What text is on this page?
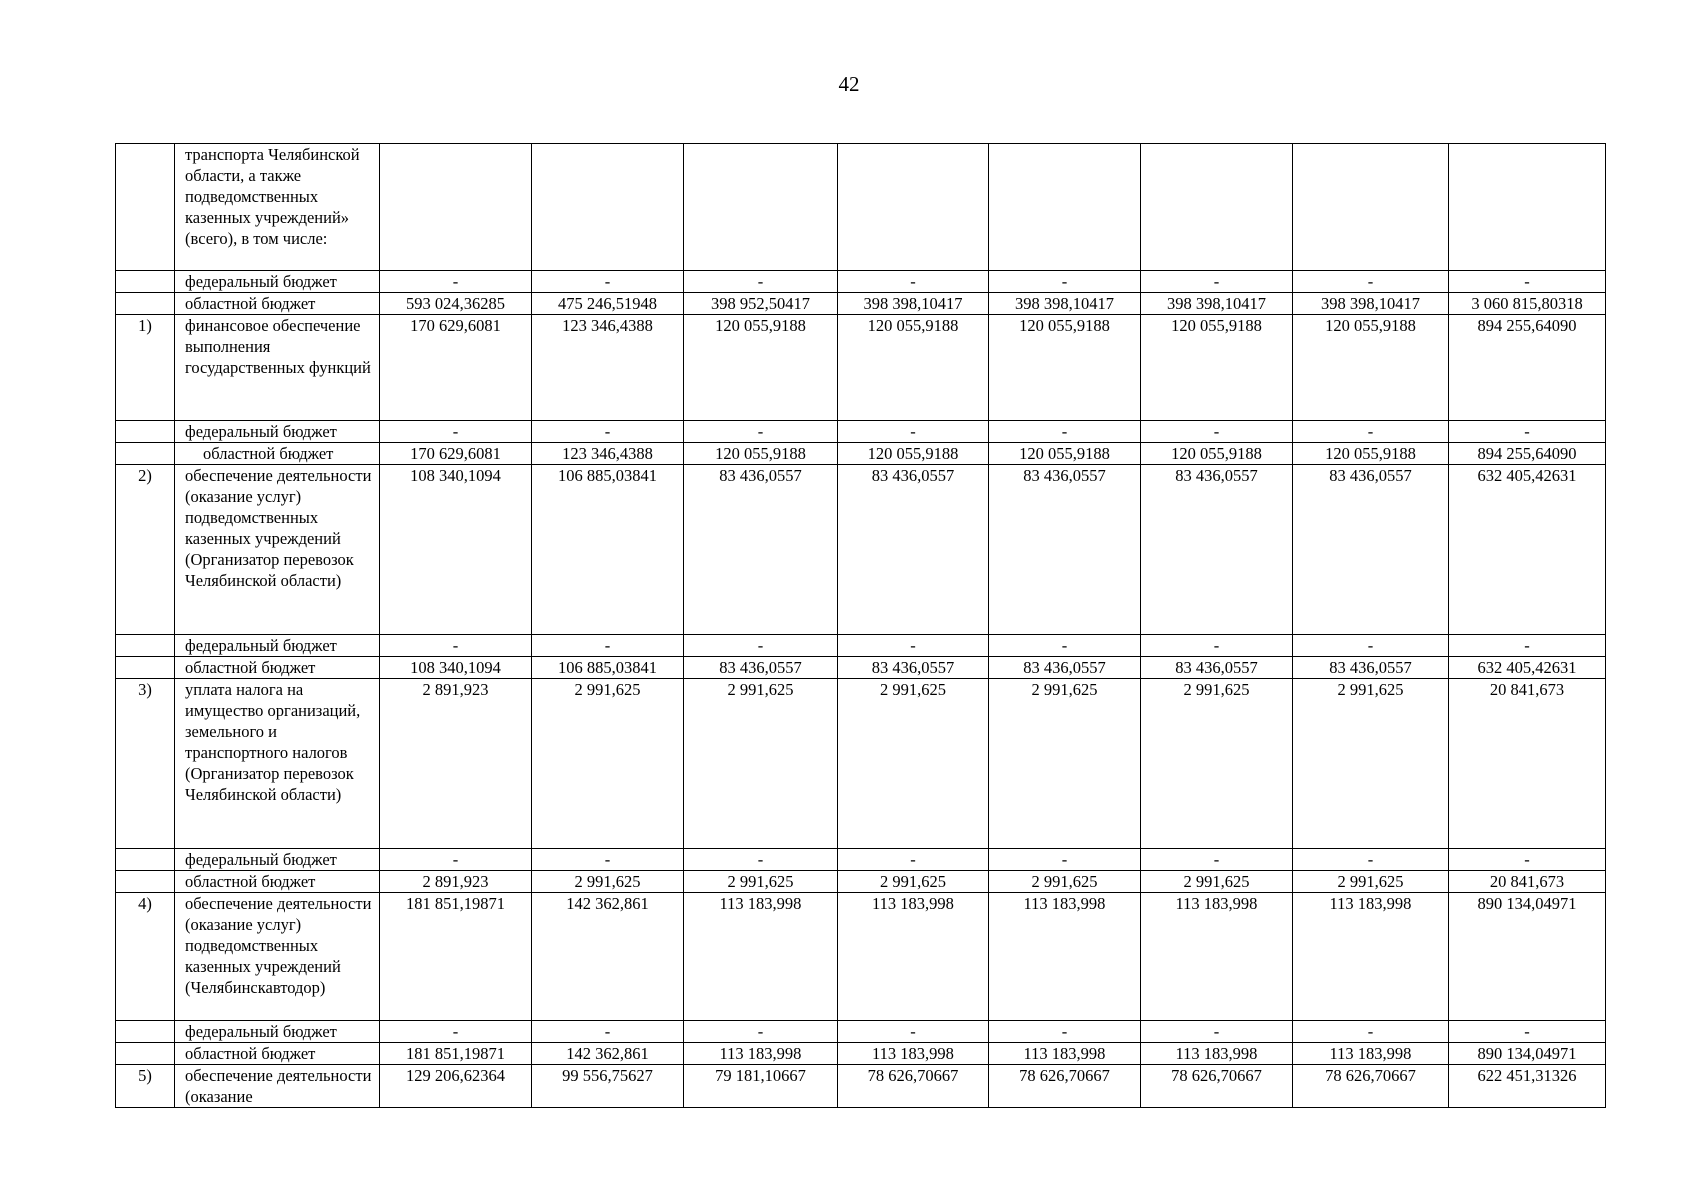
42
	транспорта Челябинской области, а также подведомственных казенных учреждений» (всего), в том числе:								
	федеральный бюджет	-	-	-	-	-	-	-	-
	областной бюджет	593 024,36285	475 246,51948	398 952,50417	398 398,10417	398 398,10417	398 398,10417	398 398,10417	3 060 815,80318
1)	финансовое обеспечение выполнения государственных функций	170 629,6081	123 346,4388	120 055,9188	120 055,9188	120 055,9188	120 055,9188	120 055,9188	894 255,64090
	федеральный бюджет	-	-	-	-	-	-	-	-
	областной бюджет	170 629,6081	123 346,4388	120 055,9188	120 055,9188	120 055,9188	120 055,9188	120 055,9188	894 255,64090
2)	обеспечение деятельности (оказание услуг) подведомственных казенных учреждений (Организатор перевозок Челябинской области)	108 340,1094	106 885,03841	83 436,0557	83 436,0557	83 436,0557	83 436,0557	83 436,0557	632 405,42631
	федеральный бюджет	-	-	-	-	-	-	-	-
	областной бюджет	108 340,1094	106 885,03841	83 436,0557	83 436,0557	83 436,0557	83 436,0557	83 436,0557	632 405,42631
3)	уплата налога на имущество организаций, земельного и транспортного налогов (Организатор перевозок Челябинской области)	2 891,923	2 991,625	2 991,625	2 991,625	2 991,625	2 991,625	2 991,625	20 841,673
	федеральный бюджет	-	-	-	-	-	-	-	-
	областной бюджет	2 891,923	2 991,625	2 991,625	2 991,625	2 991,625	2 991,625	2 991,625	20 841,673
4)	обеспечение деятельности (оказание услуг) подведомственных казенных учреждений (Челябинскавтодор)	181 851,19871	142 362,861	113 183,998	113 183,998	113 183,998	113 183,998	113 183,998	890 134,04971
	федеральный бюджет	-	-	-	-	-	-	-	-
	областной бюджет	181 851,19871	142 362,861	113 183,998	113 183,998	113 183,998	113 183,998	113 183,998	890 134,04971
5)	обеспечение деятельности (оказание	129 206,62364	99 556,75627	79 181,10667	78 626,70667	78 626,70667	78 626,70667	78 626,70667	622 451,31326
